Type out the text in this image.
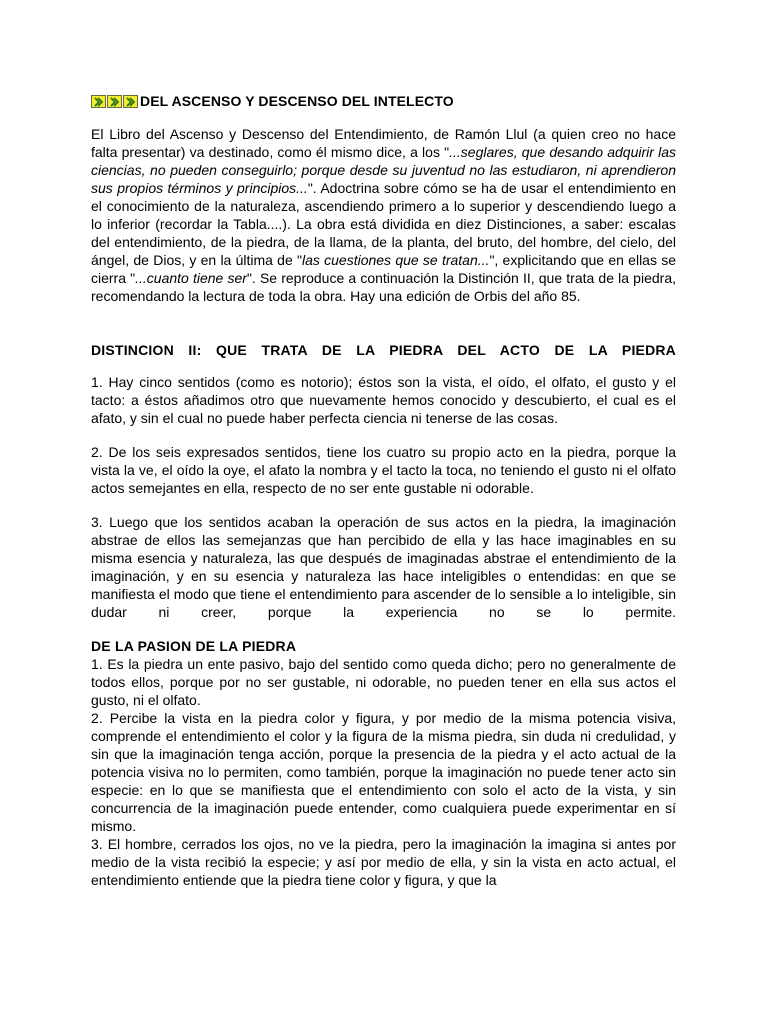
DEL ASCENSO Y DESCENSO DEL INTELECTO

El Libro del Ascenso y Descenso del Entendimiento, de Ramón Llul (a quien creo no hace falta presentar) va destinado, como él mismo dice, a los "...seglares, que desando adquirir las ciencias, no pueden conseguirlo; porque desde su juventud no las estudiaron, ni aprendieron sus propios términos y principios...". Adoctrina sobre cómo se ha de usar el entendimiento en el conocimiento de la naturaleza, ascendiendo primero a lo superior y descendiendo luego a lo inferior (recordar la Tabla....). La obra está dividida en diez Distinciones, a saber: escalas del entendimiento, de la piedra, de la llama, de la planta, del bruto, del hombre, del cielo, del ángel, de Dios, y en la última de "las cuestiones que se tratan...", explicitando que en ellas se cierra "...cuanto tiene ser". Se reproduce a continuación la Distinción II, que trata de la piedra, recomendando la lectura de toda la obra. Hay una edición de Orbis del año 85.

DISTINCION II: QUE TRATA DE LA PIEDRA DEL ACTO DE LA PIEDRA

1. Hay cinco sentidos (como es notorio); éstos son la vista, el oído, el olfato, el gusto y el tacto: a éstos añadimos otro que nuevamente hemos conocido y descubierto, el cual es el afato, y sin el cual no puede haber perfecta ciencia ni tenerse de las cosas.

2. De los seis expresados sentidos, tiene los cuatro su propio acto en la piedra, porque la vista la ve, el oído la oye, el afato la nombra y el tacto la toca, no teniendo el gusto ni el olfato actos semejantes en ella, respecto de no ser ente gustable ni odorable.

3. Luego que los sentidos acaban la operación de sus actos en la piedra, la imaginación abstrae de ellos las semejanzas que han percibido de ella y las hace imaginables en su misma esencia y naturaleza, las que después de imaginadas abstrae el entendimiento de la imaginación, y en su esencia y naturaleza las hace inteligibles o entendidas: en que se manifiesta el modo que tiene el entendimiento para ascender de lo sensible a lo inteligible, sin dudar ni creer, porque la experiencia no se lo permite.

DE LA PASION DE LA PIEDRA

1. Es la piedra un ente pasivo, bajo del sentido como queda dicho; pero no generalmente de todos ellos, porque por no ser gustable, ni odorable, no pueden tener en ella sus actos el gusto, ni el olfato.

2. Percibe la vista en la piedra color y figura, y por medio de la misma potencia visiva, comprende el entendimiento el color y la figura de la misma piedra, sin duda ni credulidad, y sin que la imaginación tenga acción, porque la presencia de la piedra y el acto actual de la potencia visiva no lo permiten, como también, porque la imaginación no puede tener acto sin especie: en lo que se manifiesta que el entendimiento con solo el acto de la vista, y sin concurrencia de la imaginación puede entender, como cualquiera puede experimentar en sí mismo.

3. El hombre, cerrados los ojos, no ve la piedra, pero la imaginación la imagina si antes por medio de la vista recibió la especie; y así por medio de ella, y sin la vista en acto actual, el entendimiento entiende que la piedra tiene color y figura, y que la
